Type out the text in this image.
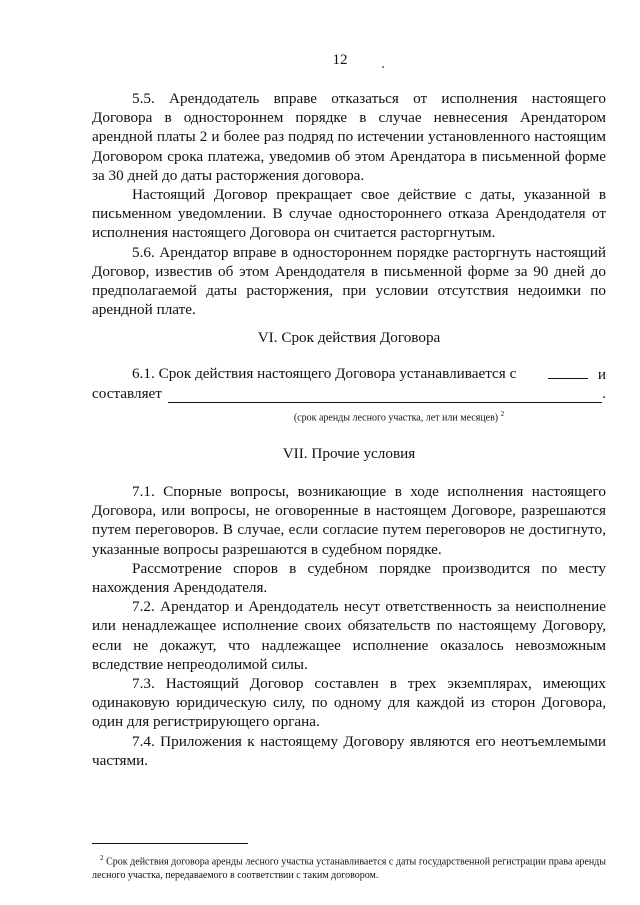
12

5.5. Арендодатель вправе отказаться от исполнения настоящего Договора в одностороннем порядке в случае невнесения Арендатором арендной платы 2 и более раз подряд по истечении установленного настоящим Договором срока платежа, уведомив об этом Арендатора в письменной форме за 30 дней до даты расторжения договора.

Настоящий Договор прекращает свое действие с даты, указанной в письменном уведомлении. В случае одностороннего отказа Арендодателя от исполнения настоящего Договора он считается расторгнутым.

5.6. Арендатор вправе в одностороннем порядке расторгнуть настоящий Договор, известив об этом Арендодателя в письменной форме за 90 дней до предполагаемой даты расторжения, при условии отсутствия недоимки по арендной плате.

VI. Срок действия Договора
6.1. Срок действия настоящего Договора устанавливается с	и
составляет	.
(срок аренды лесного участка, лет или месяцев) $^2$
VII. Прочие условия

7.1. Спорные вопросы, возникающие в ходе исполнения настоящего Договора, или вопросы, не оговоренные в настоящем Договоре, разрешаются путем переговоров. В случае, если согласие путем переговоров не достигнуто, указанные вопросы разрешаются в судебном порядке.

Рассмотрение споров в судебном порядке производится по месту нахождения Арендодателя.

7.2. Арендатор и Арендодатель несут ответственность за неисполнение или ненадлежащее исполнение своих обязательств по настоящему Договору, если не докажут, что надлежащее исполнение оказалось невозможным вследствие непреодолимой силы.

7.3. Настоящий Договор составлен в трех экземплярах, имеющих одинаковую юридическую силу, по одному для каждой из сторон Договора, один для регистрирующего органа.

7.4. Приложения к настоящему Договору являются его неотъемлемыми частями.

$^2$ Срок действия договора аренды лесного участка устанавливается с даты государственной регистрации права аренды лесного участка, передаваемого в соответствии с таким договором.
